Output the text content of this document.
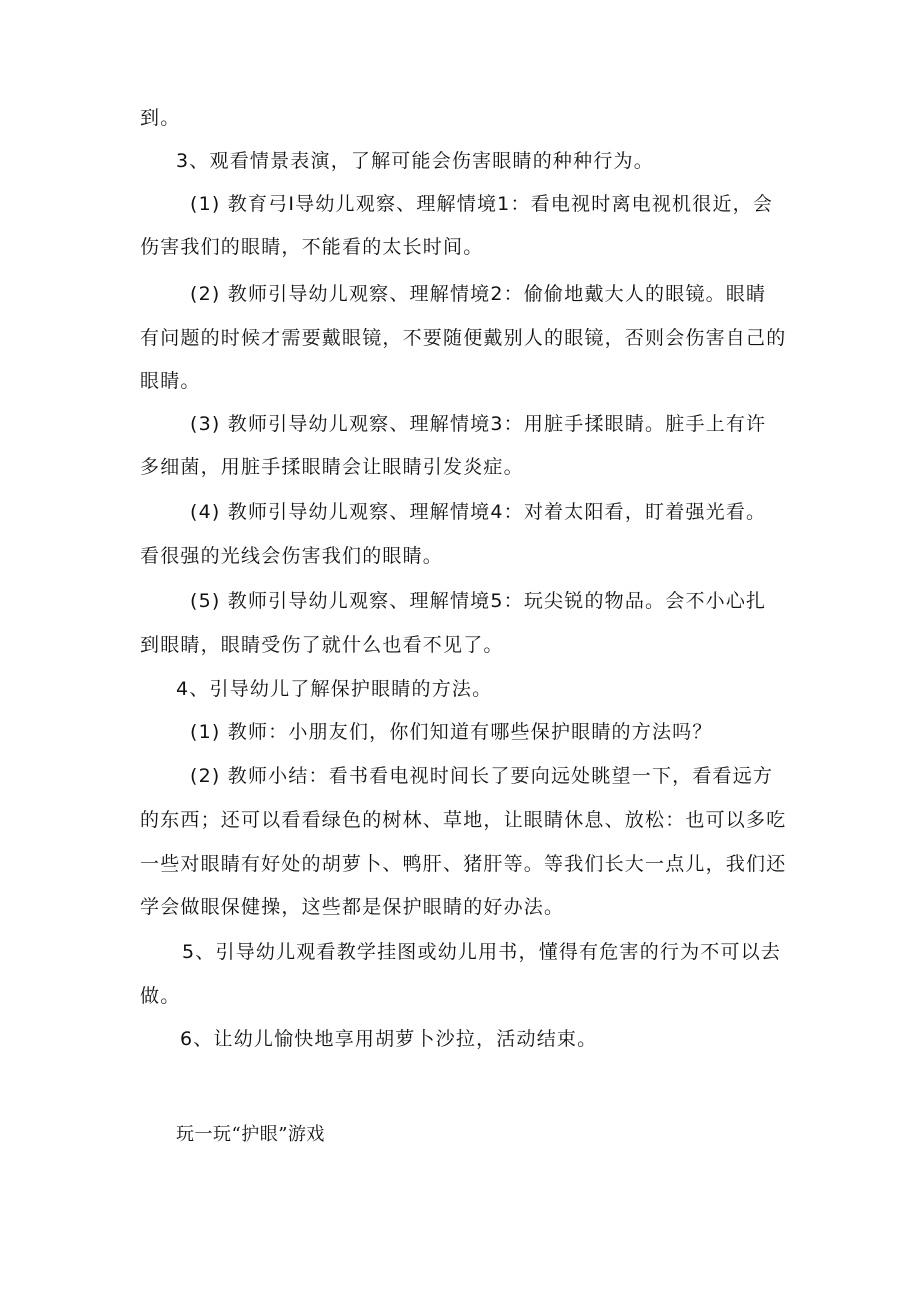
到。
3、观看情景表演，了解可能会伤害眼睛的种种行为。
(1) 教育弓I导幼儿观察、理解情境1：看电视时离电视机很近，会
伤害我们的眼睛，不能看的太长时间。
(2) 教师引导幼儿观察、理解情境2：偷偷地戴大人的眼镜。眼睛
有问题的时候才需要戴眼镜，不要随便戴别人的眼镜，否则会伤害自己的
眼睛。
(3) 教师引导幼儿观察、理解情境3：用脏手揉眼睛。脏手上有许
多细菌，用脏手揉眼睛会让眼睛引发炎症。
(4) 教师引导幼儿观察、理解情境4：对着太阳看，盯着强光看。
看很强的光线会伤害我们的眼睛。
(5) 教师引导幼儿观察、理解情境5：玩尖锐的物品。会不小心扎
到眼睛，眼睛受伤了就什么也看不见了。
4、引导幼儿了解保护眼睛的方法。
(1) 教师：小朋友们，你们知道有哪些保护眼睛的方法吗？
(2) 教师小结：看书看电视时间长了要向远处眺望一下，看看远方
的东西；还可以看看绿色的树林、草地，让眼睛休息、放松：也可以多吃
一些对眼睛有好处的胡萝卜、鸭肝、猪肝等。等我们长大一点儿，我们还
学会做眼保健操，这些都是保护眼睛的好办法。
5、引导幼儿观看教学挂图或幼儿用书，懂得有危害的行为不可以去
做。
6、让幼儿愉快地享用胡萝卜沙拉，活动结束。
玩一玩“护眼”游戏
